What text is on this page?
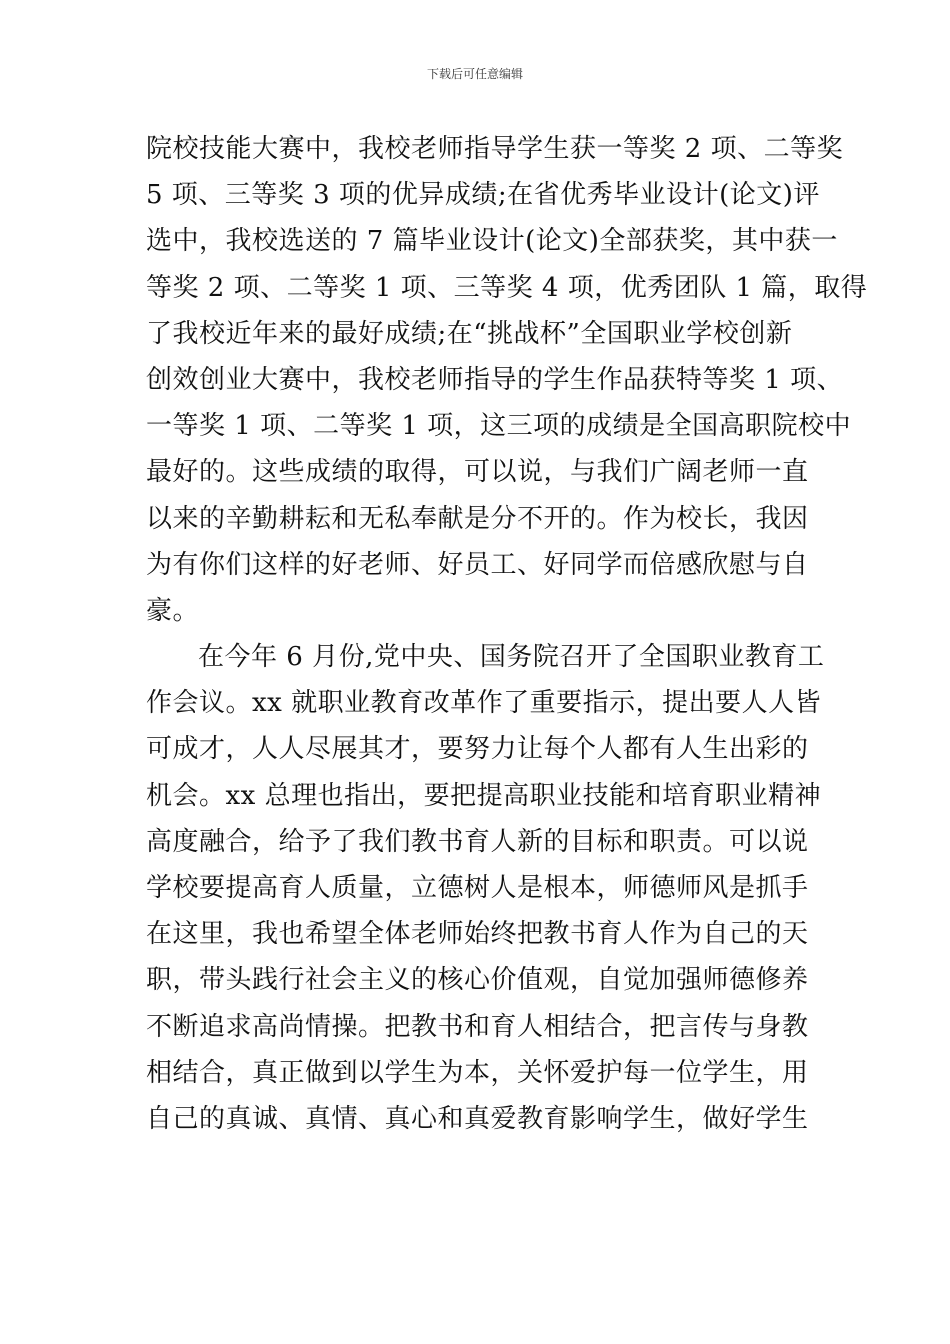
下载后可任意编辑
院校技能大赛中，我校老师指导学生获一等奖 2 项、二等奖
5 项、三等奖 3 项的优异成绩;在省优秀毕业设计(论文)评
选中，我校选送的 7 篇毕业设计(论文)全部获奖，其中获一
等奖 2 项、二等奖 1 项、三等奖 4 项，优秀团队 1 篇，取得
了我校近年来的最好成绩;在“挑战杯”全国职业学校创新
创效创业大赛中，我校老师指导的学生作品获特等奖 1 项、
一等奖 1 项、二等奖 1 项，这三项的成绩是全国高职院校中
最好的。这些成绩的取得，可以说，与我们广阔老师一直
以来的辛勤耕耘和无私奉献是分不开的。作为校长，我因
为有你们这样的好老师、好员工、好同学而倍感欣慰与自
豪。
在今年 6 月份,党中央、国务院召开了全国职业教育工
作会议。xx 就职业教育改革作了重要指示，提出要人人皆
可成才，人人尽展其才，要努力让每个人都有人生出彩的
机会。xx 总理也指出，要把提高职业技能和培育职业精神
高度融合，给予了我们教书育人新的目标和职责。可以说
学校要提高育人质量，立德树人是根本，师德师风是抓手
在这里，我也希望全体老师始终把教书育人作为自己的天
职，带头践行社会主义的核心价值观，自觉加强师德修养
不断追求高尚情操。把教书和育人相结合，把言传与身教
相结合，真正做到以学生为本，关怀爱护每一位学生，用
自己的真诚、真情、真心和真爱教育影响学生，做好学生
